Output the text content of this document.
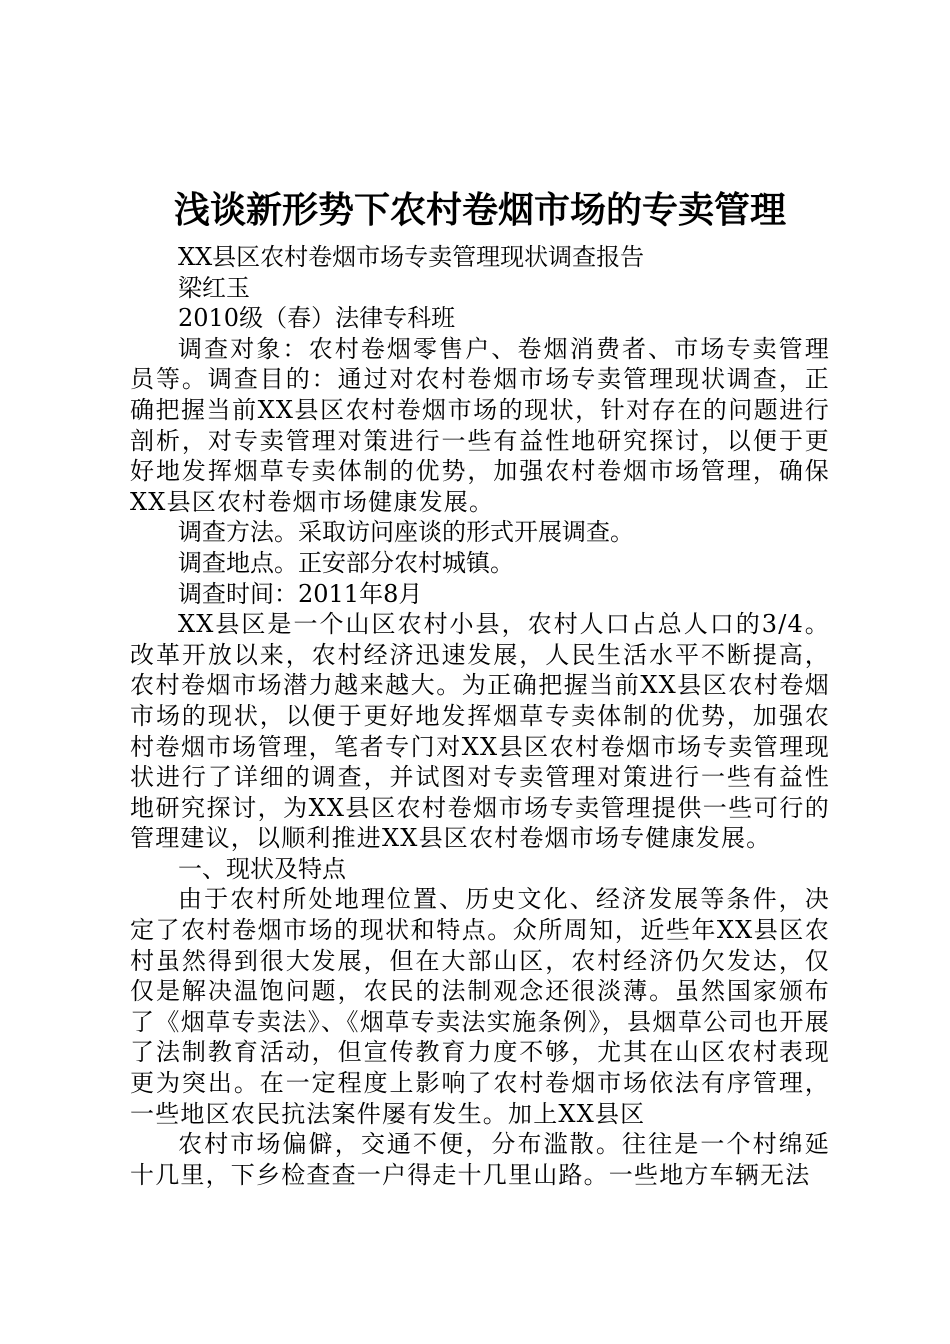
浅谈新形势下农村卷烟市场的专卖管理

XX县区农村卷烟市场专卖管理现状调查报告

梁红玉

2010级（春）法律专科班

调查对象：农村卷烟零售户、卷烟消费者、市场专卖管理员等。调查目的：通过对农村卷烟市场专卖管理现状调查，正确把握当前XX县区农村卷烟市场的现状，针对存在的问题进行剖析，对专卖管理对策进行一些有益性地研究探讨，以便于更好地发挥烟草专卖体制的优势，加强农村卷烟市场管理，确保XX县区农村卷烟市场健康发展。

调查方法。采取访问座谈的形式开展调查。

调查地点。正安部分农村城镇。

调查时间：2011年8月

XX县区是一个山区农村小县，农村人口占总人口的3/4。改革开放以来，农村经济迅速发展，人民生活水平不断提高，农村卷烟市场潜力越来越大。为正确把握当前XX县区农村卷烟市场的现状，以便于更好地发挥烟草专卖体制的优势，加强农村卷烟市场管理，笔者专门对XX县区农村卷烟市场专卖管理现状进行了详细的调查，并试图对专卖管理对策进行一些有益性地研究探讨，为XX县区农村卷烟市场专卖管理提供一些可行的管理建议，以顺利推进XX县区农村卷烟市场专健康发展。

一、现状及特点

由于农村所处地理位置、历史文化、经济发展等条件，决定了农村卷烟市场的现状和特点。众所周知，近些年XX县区农村虽然得到很大发展，但在大部山区，农村经济仍欠发达，仅仅是解决温饱问题，农民的法制观念还很淡薄。虽然国家颁布了《烟草专卖法》、《烟草专卖法实施条例》，县烟草公司也开展了法制教育活动，但宣传教育力度不够，尤其在山区农村表现更为突出。在一定程度上影响了农村卷烟市场依法有序管理，一些地区农民抗法案件屡有发生。加上XX县区

农村市场偏僻，交通不便，分布滥散。往往是一个村绵延十几里，下乡检查查一户得走十几里山路。一些地方车辆无法
